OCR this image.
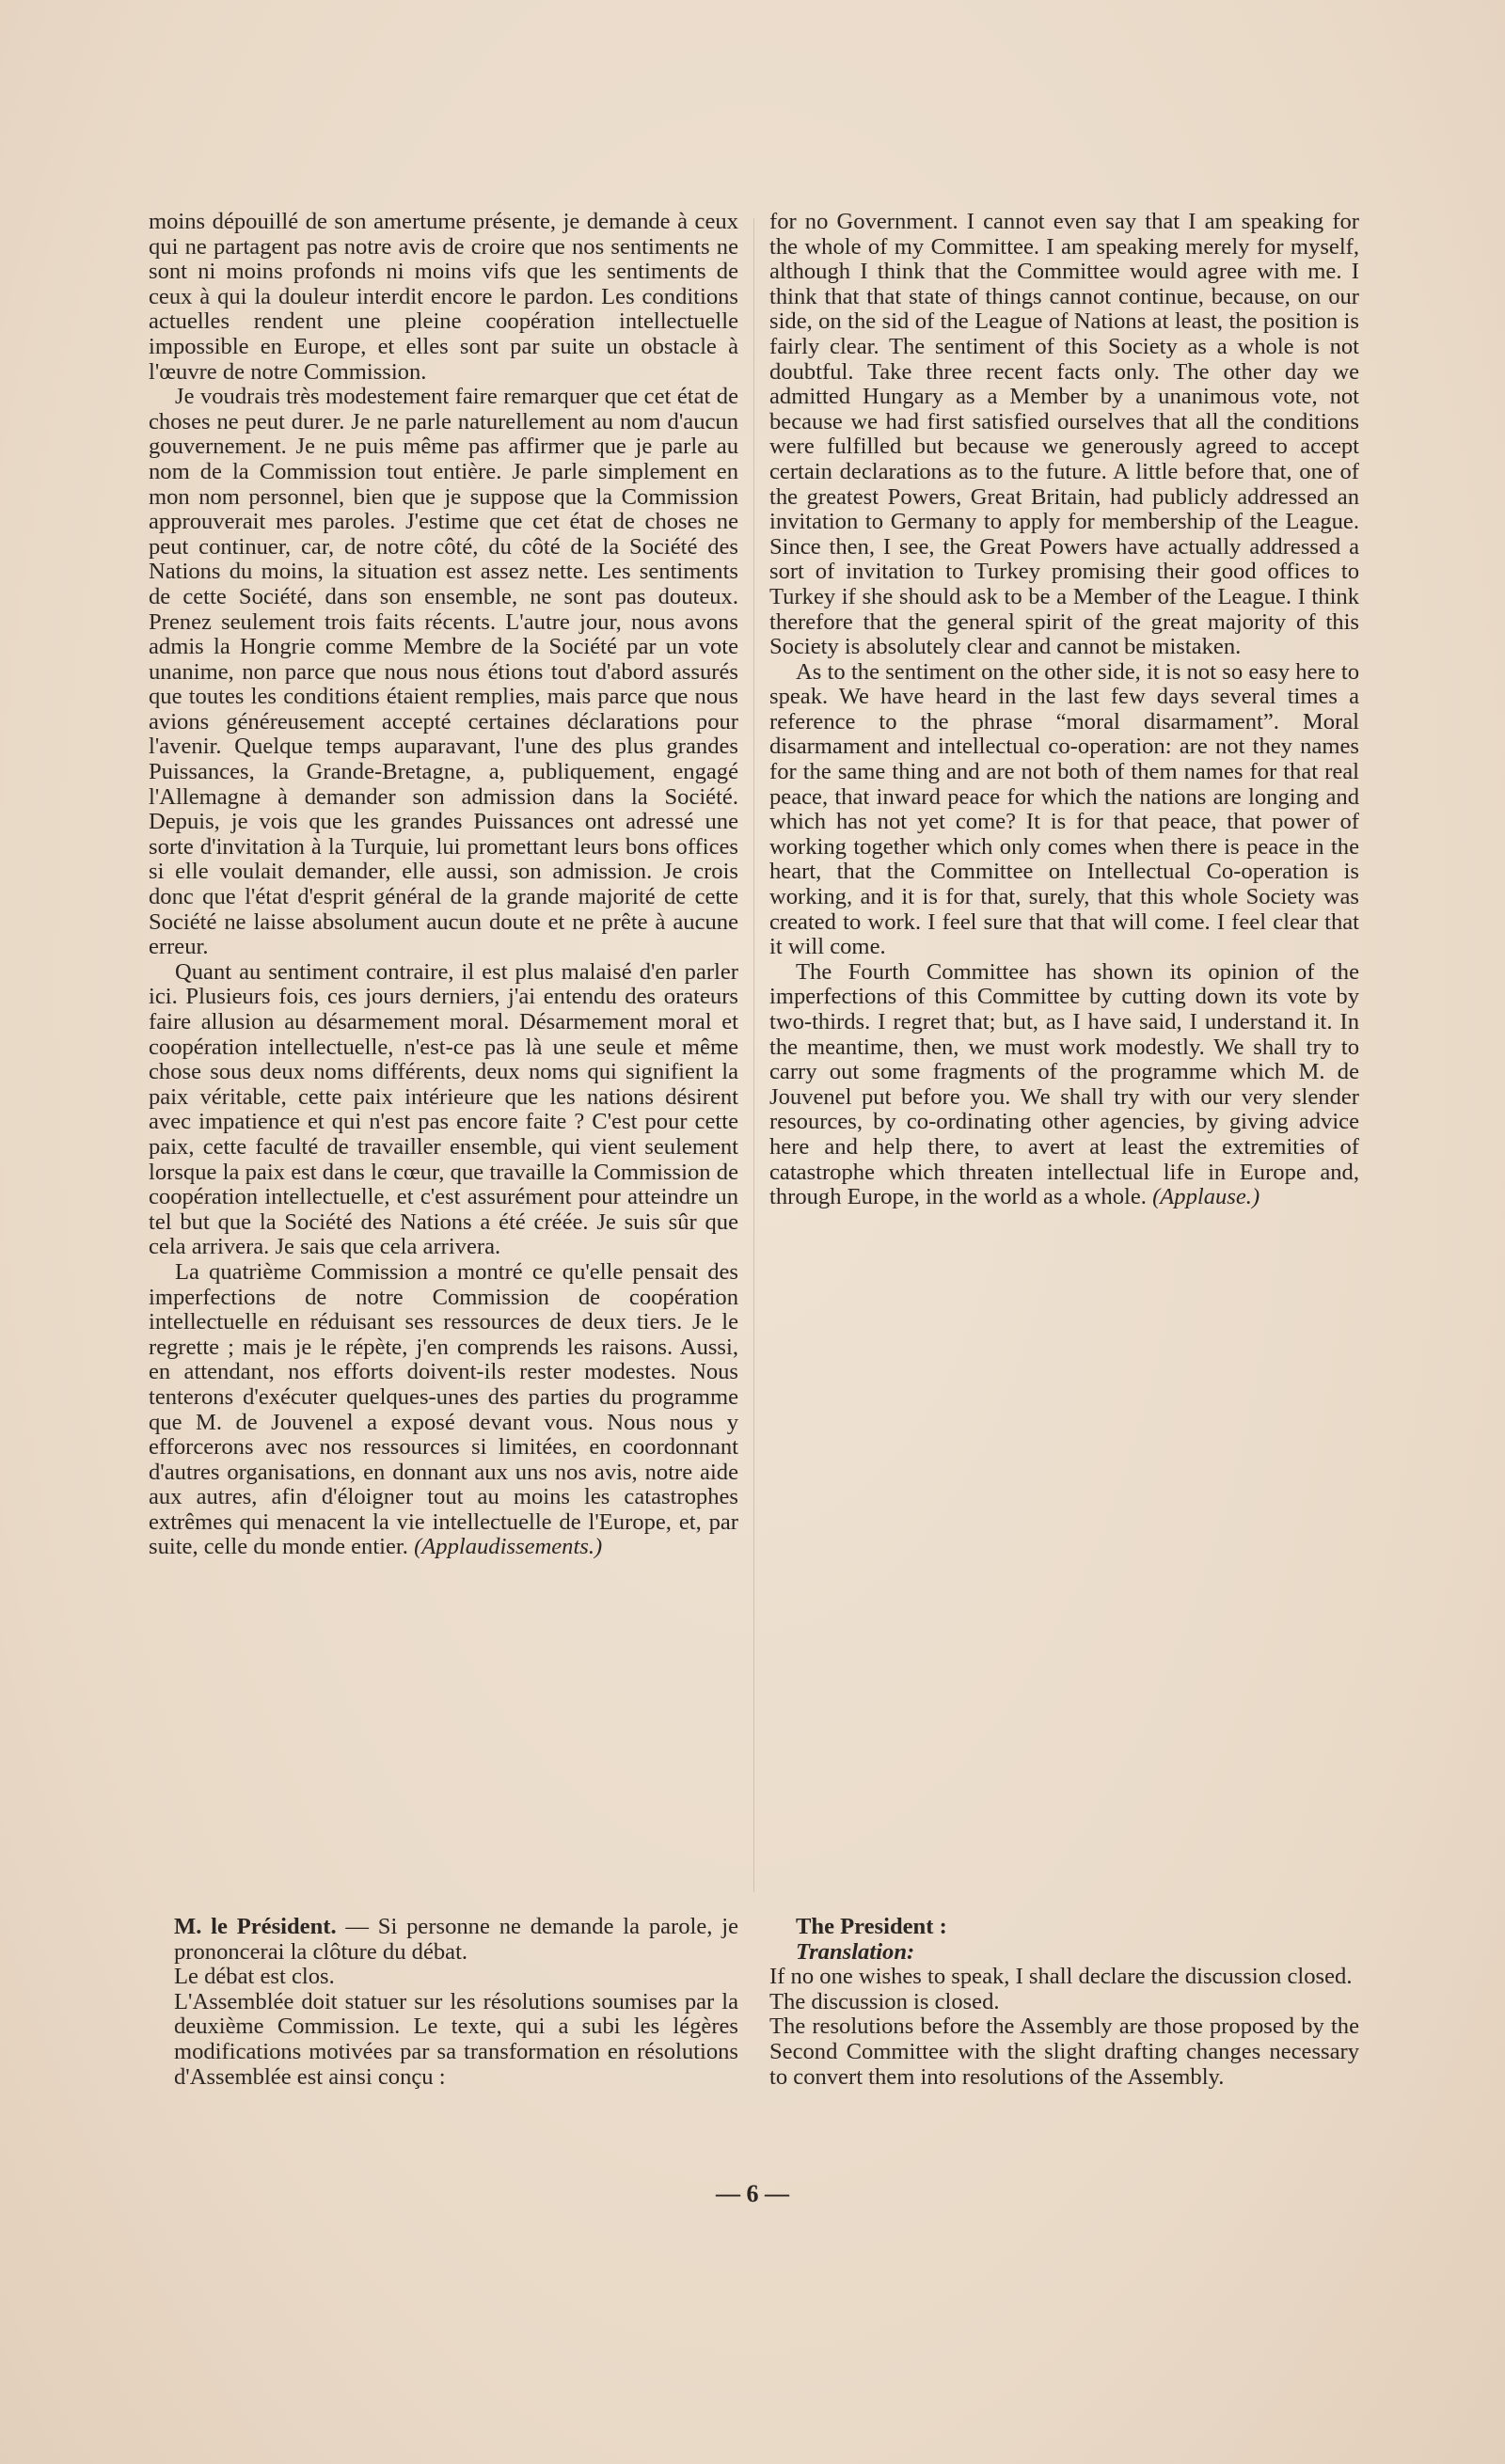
moins dépouillé de son amertume présente, je demande à ceux qui ne partagent pas notre avis de croire que nos sentiments ne sont ni moins profonds ni moins vifs que les sentiments de ceux à qui la douleur interdit encore le pardon. Les conditions actuelles rendent une pleine coopération intellectuelle impossible en Europe, et elles sont par suite un obstacle à l'œuvre de notre Commission.

Je voudrais très modestement faire remarquer que cet état de choses ne peut durer. Je ne parle naturellement au nom d'aucun gouvernement. Je ne puis même pas affirmer que je parle au nom de la Commission tout entière. Je parle simplement en mon nom personnel, bien que je suppose que la Commission approuverait mes paroles. J'estime que cet état de choses ne peut continuer, car, de notre côté, du côté de la Société des Nations du moins, la situation est assez nette. Les sentiments de cette Société, dans son ensemble, ne sont pas douteux. Prenez seulement trois faits récents. L'autre jour, nous avons admis la Hongrie comme Membre de la Société par un vote unanime, non parce que nous nous étions tout d'abord assurés que toutes les conditions étaient remplies, mais parce que nous avions généreusement accepté certaines déclarations pour l'avenir. Quelque temps auparavant, l'une des plus grandes Puissances, la Grande-Bretagne, a, publiquement, engagé l'Allemagne à demander son admission dans la Société. Depuis, je vois que les grandes Puissances ont adressé une sorte d'invitation à la Turquie, lui promettant leurs bons offices si elle voulait demander, elle aussi, son admission. Je crois donc que l'état d'esprit général de la grande majorité de cette Société ne laisse absolument aucun doute et ne prête à aucune erreur.

Quant au sentiment contraire, il est plus malaisé d'en parler ici. Plusieurs fois, ces jours derniers, j'ai entendu des orateurs faire allusion au désarmement moral. Désarmement moral et coopération intellectuelle, n'est-ce pas là une seule et même chose sous deux noms différents, deux noms qui signifient la paix véritable, cette paix intérieure que les nations désirent avec impatience et qui n'est pas encore faite ? C'est pour cette paix, cette faculté de travailler ensemble, qui vient seulement lorsque la paix est dans le cœur, que travaille la Commission de coopération intellectuelle, et c'est assurément pour atteindre un tel but que la Société des Nations a été créée. Je suis sûr que cela arrivera. Je sais que cela arrivera.

La quatrième Commission a montré ce qu'elle pensait des imperfections de notre Commission de coopération intellectuelle en réduisant ses ressources de deux tiers. Je le regrette ; mais je le répète, j'en comprends les raisons. Aussi, en attendant, nos efforts doivent-ils rester modestes. Nous tenterons d'exécuter quelques-unes des parties du programme que M. de Jouvenel a exposé devant vous. Nous nous y efforcerons avec nos ressources si limitées, en coordonnant d'autres organisations, en donnant aux uns nos avis, notre aide aux autres, afin d'éloigner tout au moins les catastrophes extrêmes qui menacent la vie intellectuelle de l'Europe, et, par suite, celle du monde entier. (Applaudissements.)

for no Government. I cannot even say that I am speaking for the whole of my Committee. I am speaking merely for myself, although I think that the Committee would agree with me. I think that that state of things cannot continue, because, on our side, on the sid of the League of Nations at least, the position is fairly clear. The sentiment of this Society as a whole is not doubtful. Take three recent facts only. The other day we admitted Hungary as a Member by a unanimous vote, not because we had first satisfied ourselves that all the conditions were fulfilled but because we generously agreed to accept certain declarations as to the future. A little before that, one of the greatest Powers, Great Britain, had publicly addressed an invitation to Germany to apply for membership of the League. Since then, I see, the Great Powers have actually addressed a sort of invitation to Turkey promising their good offices to Turkey if she should ask to be a Member of the League. I think therefore that the general spirit of the great majority of this Society is absolutely clear and cannot be mistaken.

As to the sentiment on the other side, it is not so easy here to speak. We have heard in the last few days several times a reference to the phrase “moral disarmament”. Moral disarmament and intellectual co-operation: are not they names for the same thing and are not both of them names for that real peace, that inward peace for which the nations are longing and which has not yet come? It is for that peace, that power of working together which only comes when there is peace in the heart, that the Committee on Intellectual Co-operation is working, and it is for that, surely, that this whole Society was created to work. I feel sure that that will come. I feel clear that it will come.

The Fourth Committee has shown its opinion of the imperfections of this Committee by cutting down its vote by two-thirds. I regret that; but, as I have said, I understand it. In the meantime, then, we must work modestly. We shall try to carry out some fragments of the programme which M. de Jouvenel put before you. We shall try with our very slender resources, by co-ordinating other agencies, by giving advice here and help there, to avert at least the extremities of catastrophe which threaten intellectual life in Europe and, through Europe, in the world as a whole. (Applause.)

M. le Président. — Si personne ne demande la parole, je prononcerai la clôture du débat.

Le débat est clos.

L'Assemblée doit statuer sur les résolutions soumises par la deuxième Commission. Le texte, qui a subi les légères modifications motivées par sa transformation en résolutions d'Assemblée est ainsi conçu :

The President :
Translation:

If no one wishes to speak, I shall declare the discussion closed.

The discussion is closed.

The resolutions before the Assembly are those proposed by the Second Committee with the slight drafting changes necessary to convert them into resolutions of the Assembly.

— 6 —
